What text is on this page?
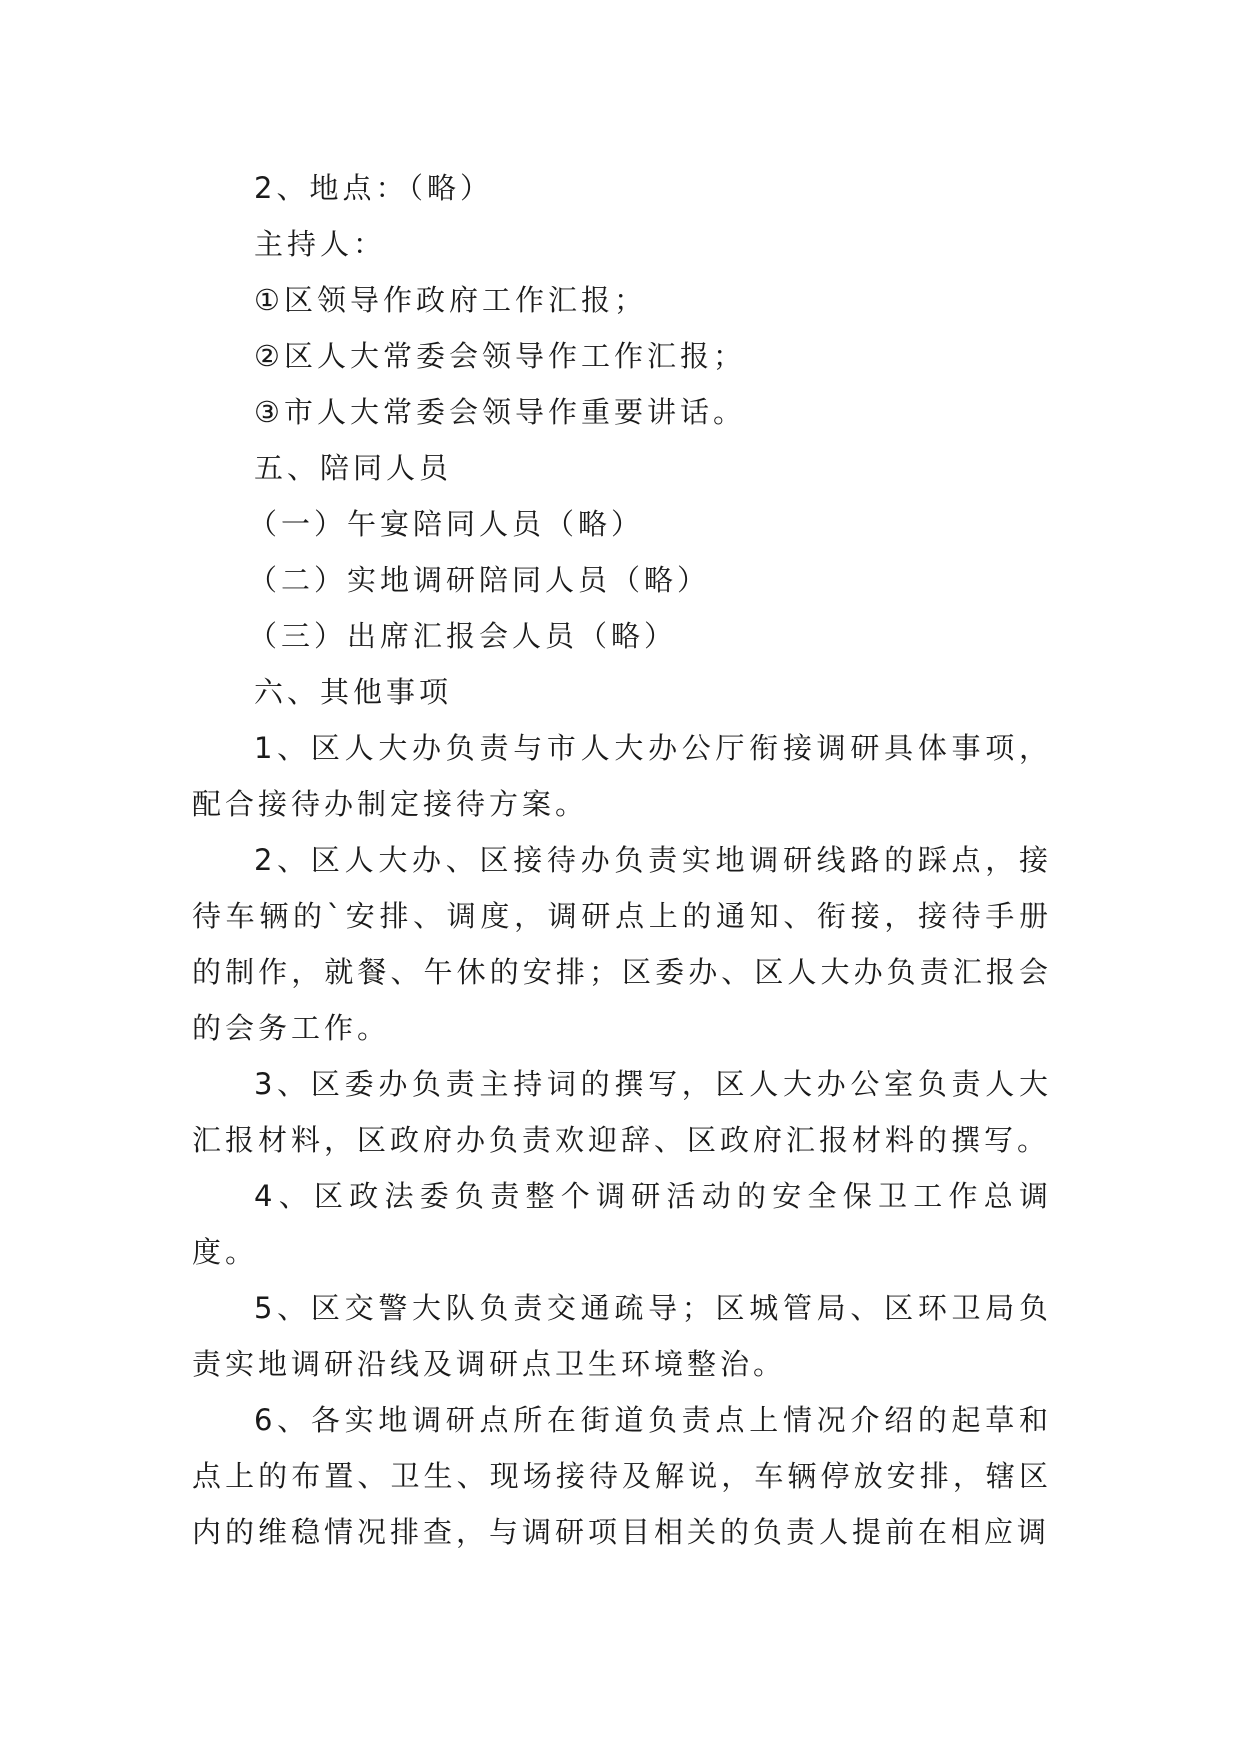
2、地点：（略）
主持人：
①区领导作政府工作汇报；
②区人大常委会领导作工作汇报；
③市人大常委会领导作重要讲话。
五、陪同人员
（一）午宴陪同人员（略）
（二）实地调研陪同人员（略）
（三）出席汇报会人员（略）
六、其他事项

1、区人大办负责与市人大办公厅衔接调研具体事项，配合接待办制定接待方案。

2、区人大办、区接待办负责实地调研线路的踩点，接待车辆的`安排、调度，调研点上的通知、衔接，接待手册的制作，就餐、午休的安排；区委办、区人大办负责汇报会的会务工作。

3、区委办负责主持词的撰写，区人大办公室负责人大汇报材料，区政府办负责欢迎辞、区政府汇报材料的撰写。

4、区政法委负责整个调研活动的安全保卫工作总调度。

5、区交警大队负责交通疏导；区城管局、区环卫局负责实地调研沿线及调研点卫生环境整治。

6、各实地调研点所在街道负责点上情况介绍的起草和点上的布置、卫生、现场接待及解说，车辆停放安排，辖区内的维稳情况排查，与调研项目相关的负责人提前在相应调
